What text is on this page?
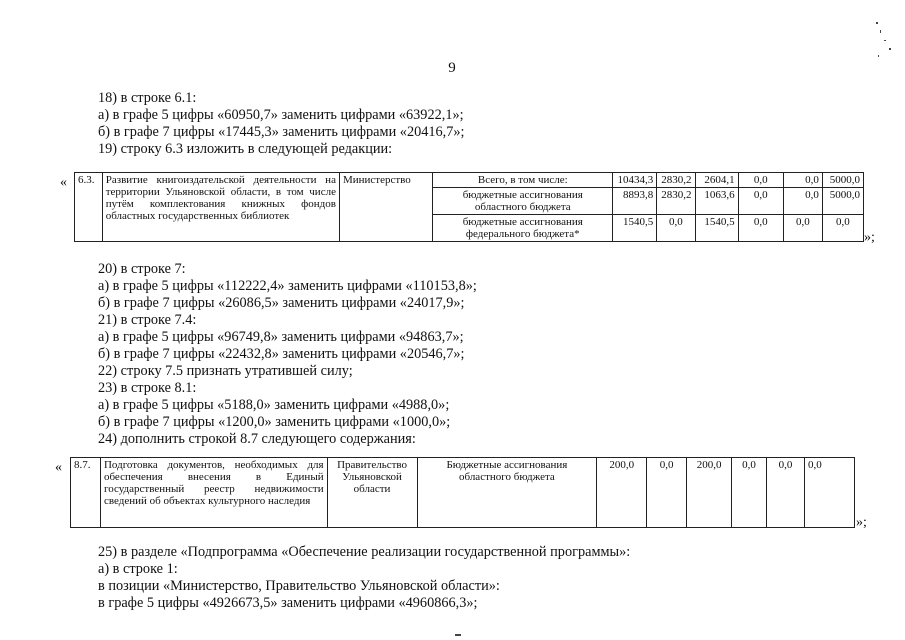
9
18) в строке 6.1:
а) в графе 5 цифры «60950,7» заменить цифрами «63922,1»;
б) в графе 7 цифры «17445,3» заменить цифрами «20416,7»;
19) строку 6.3 изложить в следующей редакции:
« 6.3.	Развитие книгоиздательской деятельности на территории Ульяновской области, в том числе путём комплектования книжных фондов областных государственных библиотек	Министерство	Всего, в том числе:	10434,3	2830,2	2604,1	0,0	0,0	5000,0
			бюджетные ассигнования областного бюджета	8893,8	2830,2	1063,6	0,0	0,0	5000,0
			бюджетные ассигнования федерального бюджета*	1540,5	0,0	1540,5	0,0	0,0	0,0
»;
20) в строке 7:
а) в графе 5 цифры «112222,4» заменить цифрами «110153,8»;
б) в графе 7 цифры «26086,5» заменить цифрами «24017,9»;
21) в строке 7.4:
а) в графе 5 цифры «96749,8» заменить цифрами «94863,7»;
б) в графе 7 цифры «22432,8» заменить цифрами «20546,7»;
22) строку 7.5 признать утратившей силу;
23) в строке 8.1:
а) в графе 5 цифры «5188,0» заменить цифрами «4988,0»;
б) в графе 7 цифры «1200,0» заменить цифрами «1000,0»;
24) дополнить строкой 8.7 следующего содержания:
« 8.7.	Подготовка документов, необходимых для обеспечения внесения в Единый государственный реестр недвижимости сведений об объектах культурного наследия	Правительство Ульяновской области	Бюджетные ассигнования областного бюджета	200,0	0,0	200,0	0,0	0,0	0,0
»;
25) в разделе «Подпрограмма «Обеспечение реализации государственной программы»:
а) в строке 1:
в позиции «Министерство, Правительство Ульяновской области»:
в графе 5 цифры «4926673,5» заменить цифрами «4960866,3»;
